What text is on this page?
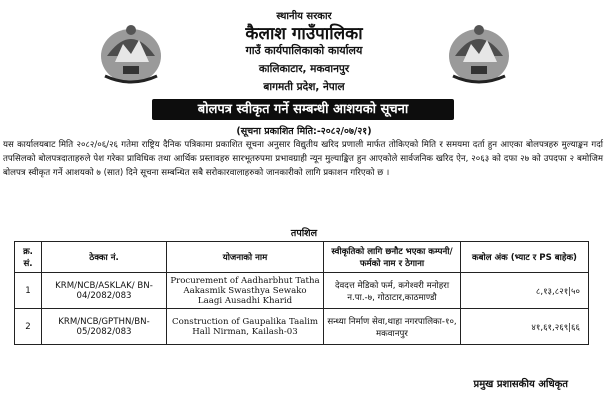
स्थानीय सरकार
कैलाश गाउँपालिका
गाउँ कार्यपालिकाको कार्यालय
कालिकाटार, मकवानपुर
बागमती प्रदेश, नेपाल
बोलपत्र स्वीकृत गर्ने सम्बन्धी आशयको सूचना
(सूचना प्रकाशित मिति:-२०८२/०७/२१)
यस कार्यालयबाट मिति २०८२/०६/२६ गतेमा राष्ट्रिय दैनिक पत्रिकामा प्रकाशित सूचना अनुसार विद्युतीय खरिद प्रणाली मार्फत तोकिएको मिति र समयमा दर्ता हुन आएका बोलपत्रहरु मुल्याङ्कन गर्दा तपसिलको बोलपत्रदाताहरुले पेश गरेका प्राविधिक तथा आर्थिक प्रस्तावहरु सारभूतरुपमा प्रभावग्राही न्यून मुल्याङ्कित हुन आएकोले सार्वजनिक खरिद ऐन, २०६३ को दफा २७ को उपदफा २ बमोजिम बोलपत्र स्वीकृत गर्ने आशयको ७ (सात) दिने सूचना सम्बन्धित सबै सरोकारवालाहरुको जानकारीको लागि प्रकाशन गरिएको छ ।
तपशिल
क्र. सं.	ठेक्का नं.	योजनाको नाम	स्वीकृतिको लागि छनौट भएका कम्पनी/फर्मको नाम र ठेगाना	कबोल अंक (भ्याट र PS बाहेक)
1	KRM/NCB/ASKLAK/ BN-04/2082/083	Procurement of Aadharbhut Tatha Aakasmik Swasthya Sewako Laagi Ausadhi Kharid	देवदत्त मेडिको फर्म, कगेश्वरी मनोहरा न.पा.-७, गोठाटार,काठमाण्डौ	८,१३,८२१|५०
2	KRM/NCB/GPTHN/BN- 05/2082/083	Construction of Gaupalika Taalim Hall Nirman, Kailash-03	सन्ध्या निर्माण सेवा,थाहा नगरपालिका-१०, मकवानपुर	४१,६१,२६९|६६
प्रमुख प्रशासकीय अधिकृत
